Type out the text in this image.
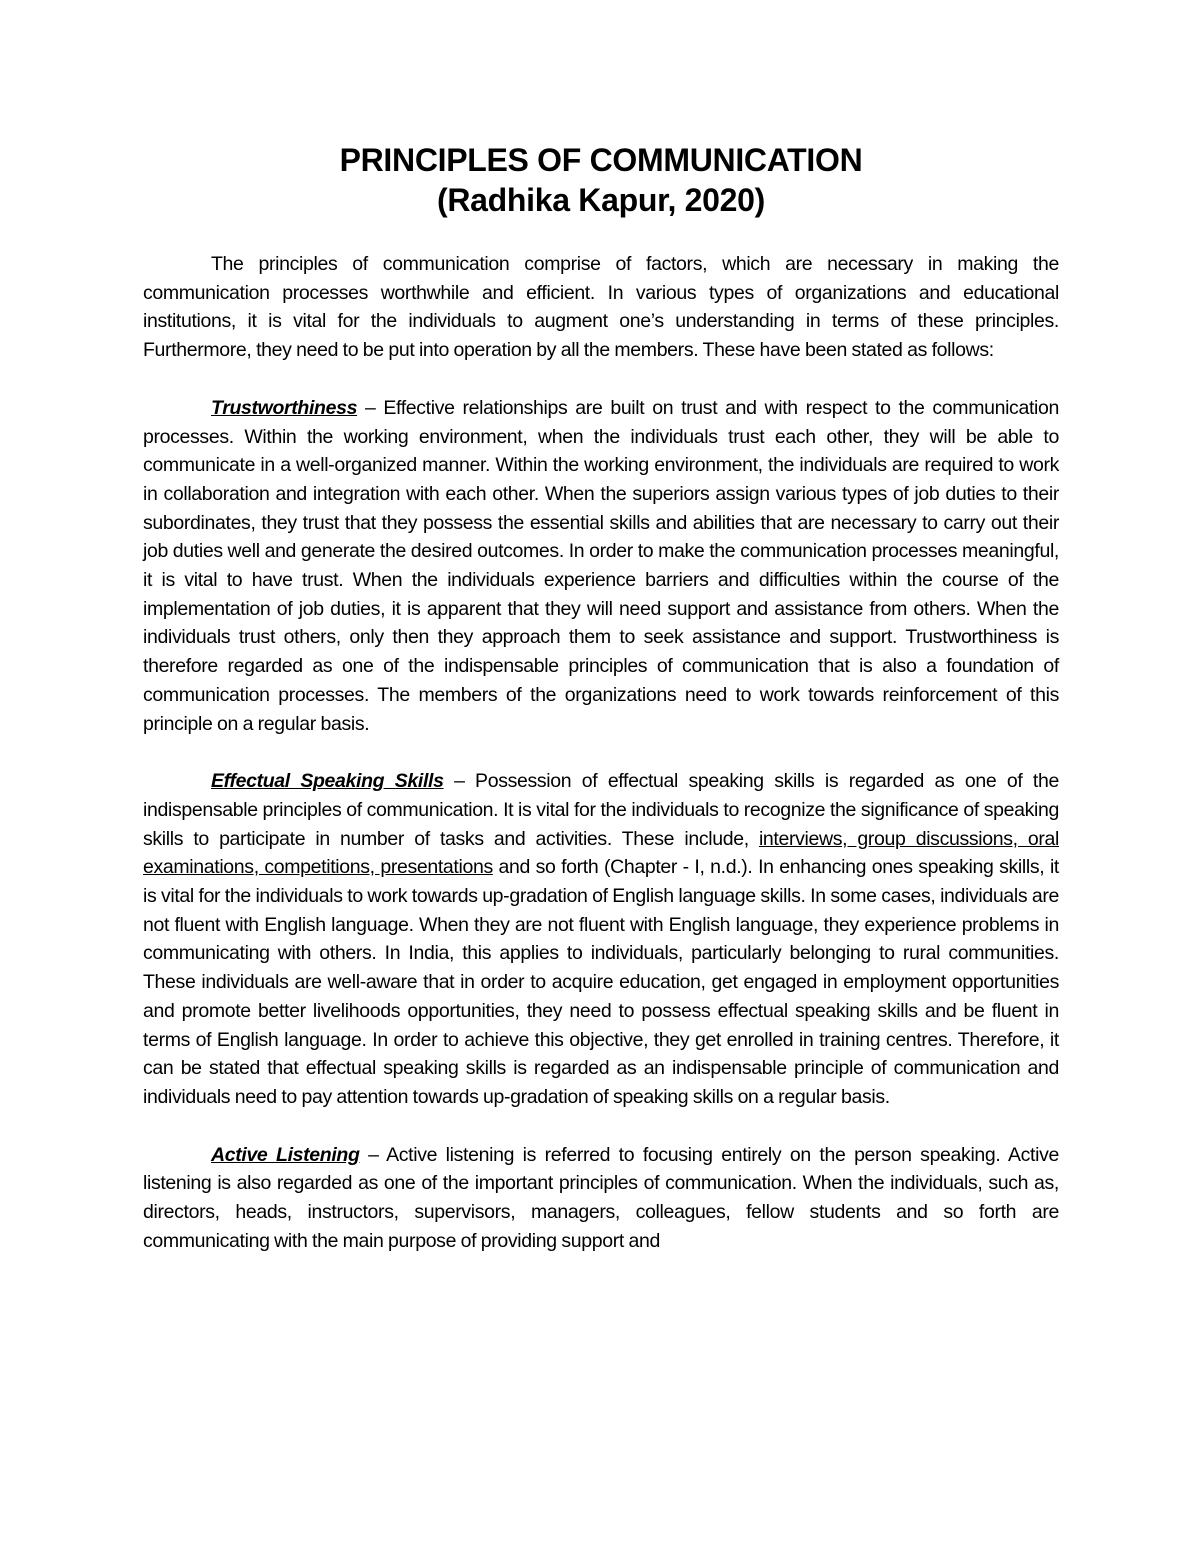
PRINCIPLES OF COMMUNICATION
(Radhika Kapur, 2020)

The principles of communication comprise of factors, which are necessary in making the communication processes worthwhile and efficient. In various types of organizations and educational institutions, it is vital for the individuals to augment one’s understanding in terms of these principles. Furthermore, they need to be put into operation by all the members. These have been stated as follows:

Trustworthiness – Effective relationships are built on trust and with respect to the communication processes. Within the working environment, when the individuals trust each other, they will be able to communicate in a well-organized manner. Within the working environment, the individuals are required to work in collaboration and integration with each other. When the superiors assign various types of job duties to their subordinates, they trust that they possess the essential skills and abilities that are necessary to carry out their job duties well and generate the desired outcomes. In order to make the communication processes meaningful, it is vital to have trust. When the individuals experience barriers and difficulties within the course of the implementation of job duties, it is apparent that they will need support and assistance from others. When the individuals trust others, only then they approach them to seek assistance and support. Trustworthiness is therefore regarded as one of the indispensable principles of communication that is also a foundation of communication processes. The members of the organizations need to work towards reinforcement of this principle on a regular basis.

Effectual Speaking Skills – Possession of effectual speaking skills is regarded as one of the indispensable principles of communication. It is vital for the individuals to recognize the significance of speaking skills to participate in number of tasks and activities. These include, interviews, group discussions, oral examinations, competitions, presentations and so forth (Chapter - I, n.d.). In enhancing ones speaking skills, it is vital for the individuals to work towards up-gradation of English language skills. In some cases, individuals are not fluent with English language. When they are not fluent with English language, they experience problems in communicating with others. In India, this applies to individuals, particularly belonging to rural communities. These individuals are well-aware that in order to acquire education, get engaged in employment opportunities and promote better livelihoods opportunities, they need to possess effectual speaking skills and be fluent in terms of English language. In order to achieve this objective, they get enrolled in training centres. Therefore, it can be stated that effectual speaking skills is regarded as an indispensable principle of communication and individuals need to pay attention towards up-gradation of speaking skills on a regular basis.

Active Listening – Active listening is referred to focusing entirely on the person speaking. Active listening is also regarded as one of the important principles of communication. When the individuals, such as, directors, heads, instructors, supervisors, managers, colleagues, fellow students and so forth are communicating with the main purpose of providing support and
